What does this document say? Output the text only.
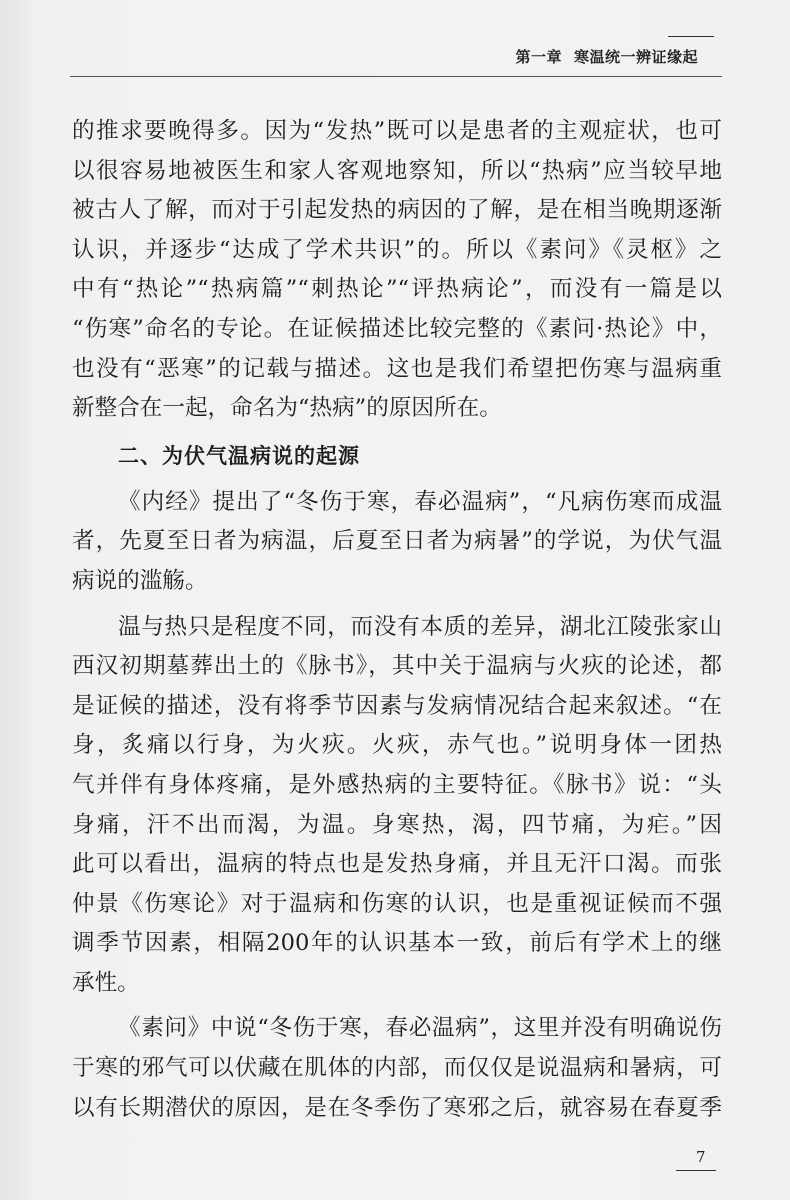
第一章 寒温统一辨证缘起

的推求要晚得多。因为“发热”既可以是患者的主观症状，也可
以很容易地被医生和家人客观地察知，所以“热病”应当较早地
被古人了解，而对于引起发热的病因的了解，是在相当晚期逐渐
认识，并逐步“达成了学术共识”的。所以《素问》《灵枢》之
中有“热论”“热病篇”“刺热论”“评热病论”，而没有一篇是以
“伤寒”命名的专论。在证候描述比较完整的《素问·热论》中，
也没有“恶寒”的记载与描述。这也是我们希望把伤寒与温病重
新整合在一起，命名为“热病”的原因所在。

二、为伏气温病说的起源

《内经》提出了“冬伤于寒，春必温病”，“凡病伤寒而成温
者，先夏至日者为病温，后夏至日者为病暑”的学说，为伏气温
病说的滥觞。

温与热只是程度不同，而没有本质的差异，湖北江陵张家山
西汉初期墓葬出土的《脉书》，其中关于温病与火疢的论述，都
是证候的描述，没有将季节因素与发病情况结合起来叙述。“在
身，炙痛以行身，为火疢。火疢，赤气也。”说明身体一团热
气并伴有身体疼痛，是外感热病的主要特征。《脉书》说：“头
身痛，汗不出而渴，为温。身寒热，渴，四节痛，为疟。”因
此可以看出，温病的特点也是发热身痛，并且无汗口渴。而张
仲景《伤寒论》对于温病和伤寒的认识，也是重视证候而不强
调季节因素，相隔200年的认识基本一致，前后有学术上的继
承性。

《素问》中说“冬伤于寒，春必温病”，这里并没有明确说伤
于寒的邪气可以伏藏在肌体的内部，而仅仅是说温病和暑病，可
以有长期潜伏的原因，是在冬季伤了寒邪之后，就容易在春夏季

7
